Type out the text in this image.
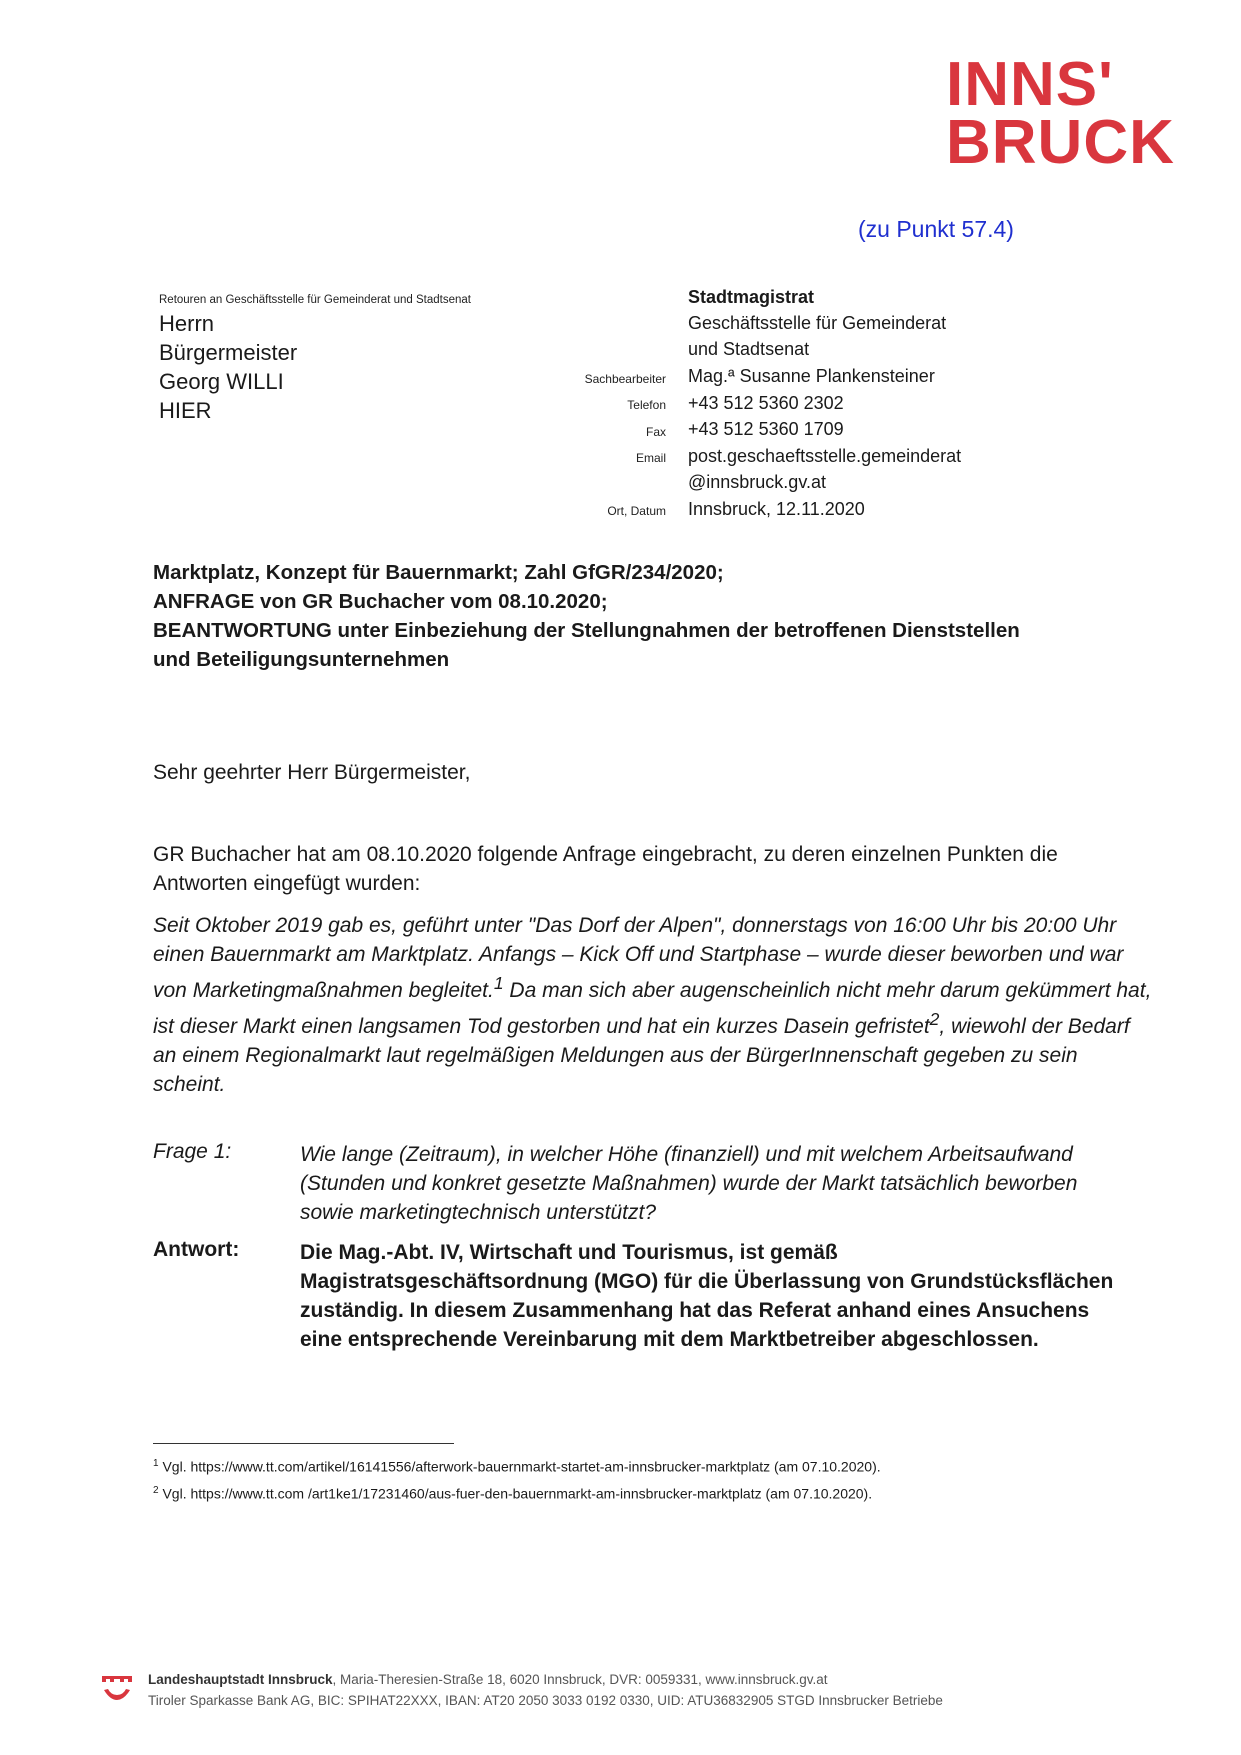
INNS'
BRUCK
(zu Punkt 57.4)
Retouren an Geschäftsstelle für Gemeinderat und Stadtsenat
Herrn
Bürgermeister
Georg WILLI
HIER
Stadtmagistrat
Geschäftsstelle für Gemeinderat
und Stadtsenat
Sachbearbeiter Mag.ª Susanne Plankensteiner
Telefon +43 512 5360 2302
Fax +43 512 5360 1709
Email post.geschaeftsstelle.gemeinderat
@innsbruck.gv.at
Ort, Datum Innsbruck, 12.11.2020
Marktplatz, Konzept für Bauernmarkt; Zahl GfGR/234/2020;
ANFRAGE von GR Buchacher vom 08.10.2020;
BEANTWORTUNG unter Einbeziehung der Stellungnahmen der betroffenen Dienststellen
und Beteiligungsunternehmen
Sehr geehrter Herr Bürgermeister,
GR Buchacher hat am 08.10.2020 folgende Anfrage eingebracht, zu deren einzelnen Punkten die Antworten eingefügt wurden:
Seit Oktober 2019 gab es, geführt unter "Das Dorf der Alpen", donnerstags von 16:00 Uhr bis 20:00 Uhr einen Bauernmarkt am Marktplatz. Anfangs – Kick Off und Startphase – wurde dieser beworben und war von Marketingmaßnahmen begleitet.$^1$ Da man sich aber augenscheinlich nicht mehr darum gekümmert hat, ist dieser Markt einen langsamen Tod gestorben und hat ein kurzes Dasein gefristet$^2$, wiewohl der Bedarf an einem Regionalmarkt laut regelmäßigen Meldungen aus der BürgerInnenschaft gegeben zu sein scheint.
Frage 1:	Wie lange (Zeitraum), in welcher Höhe (finanziell) und mit welchem Arbeitsaufwand (Stunden und konkret gesetzte Maßnahmen) wurde der Markt tatsächlich beworben sowie marketingtechnisch unterstützt?
Antwort:	Die Mag.-Abt. IV, Wirtschaft und Tourismus, ist gemäß Magistratsgeschäftsordnung (MGO) für die Überlassung von Grundstücksflächen zuständig. In diesem Zusammenhang hat das Referat anhand eines Ansuchens eine entsprechende Vereinbarung mit dem Marktbetreiber abgeschlossen.
$^1$ Vgl. https://www.tt.com/artikel/16141556/afterwork-bauernmarkt-startet-am-innsbrucker-marktplatz (am 07.10.2020).
$^2$ Vgl. https://www.tt.com /art1ke1/17231460/aus-fuer-den-bauernmarkt-am-innsbrucker-marktplatz (am 07.10.2020).
Landeshauptstadt Innsbruck, Maria-Theresien-Straße 18, 6020 Innsbruck, DVR: 0059331, www.innsbruck.gv.at
Tiroler Sparkasse Bank AG, BIC: SPIHAT22XXX, IBAN: AT20 2050 3033 0192 0330, UID: ATU36832905 STGD Innsbrucker Betriebe
